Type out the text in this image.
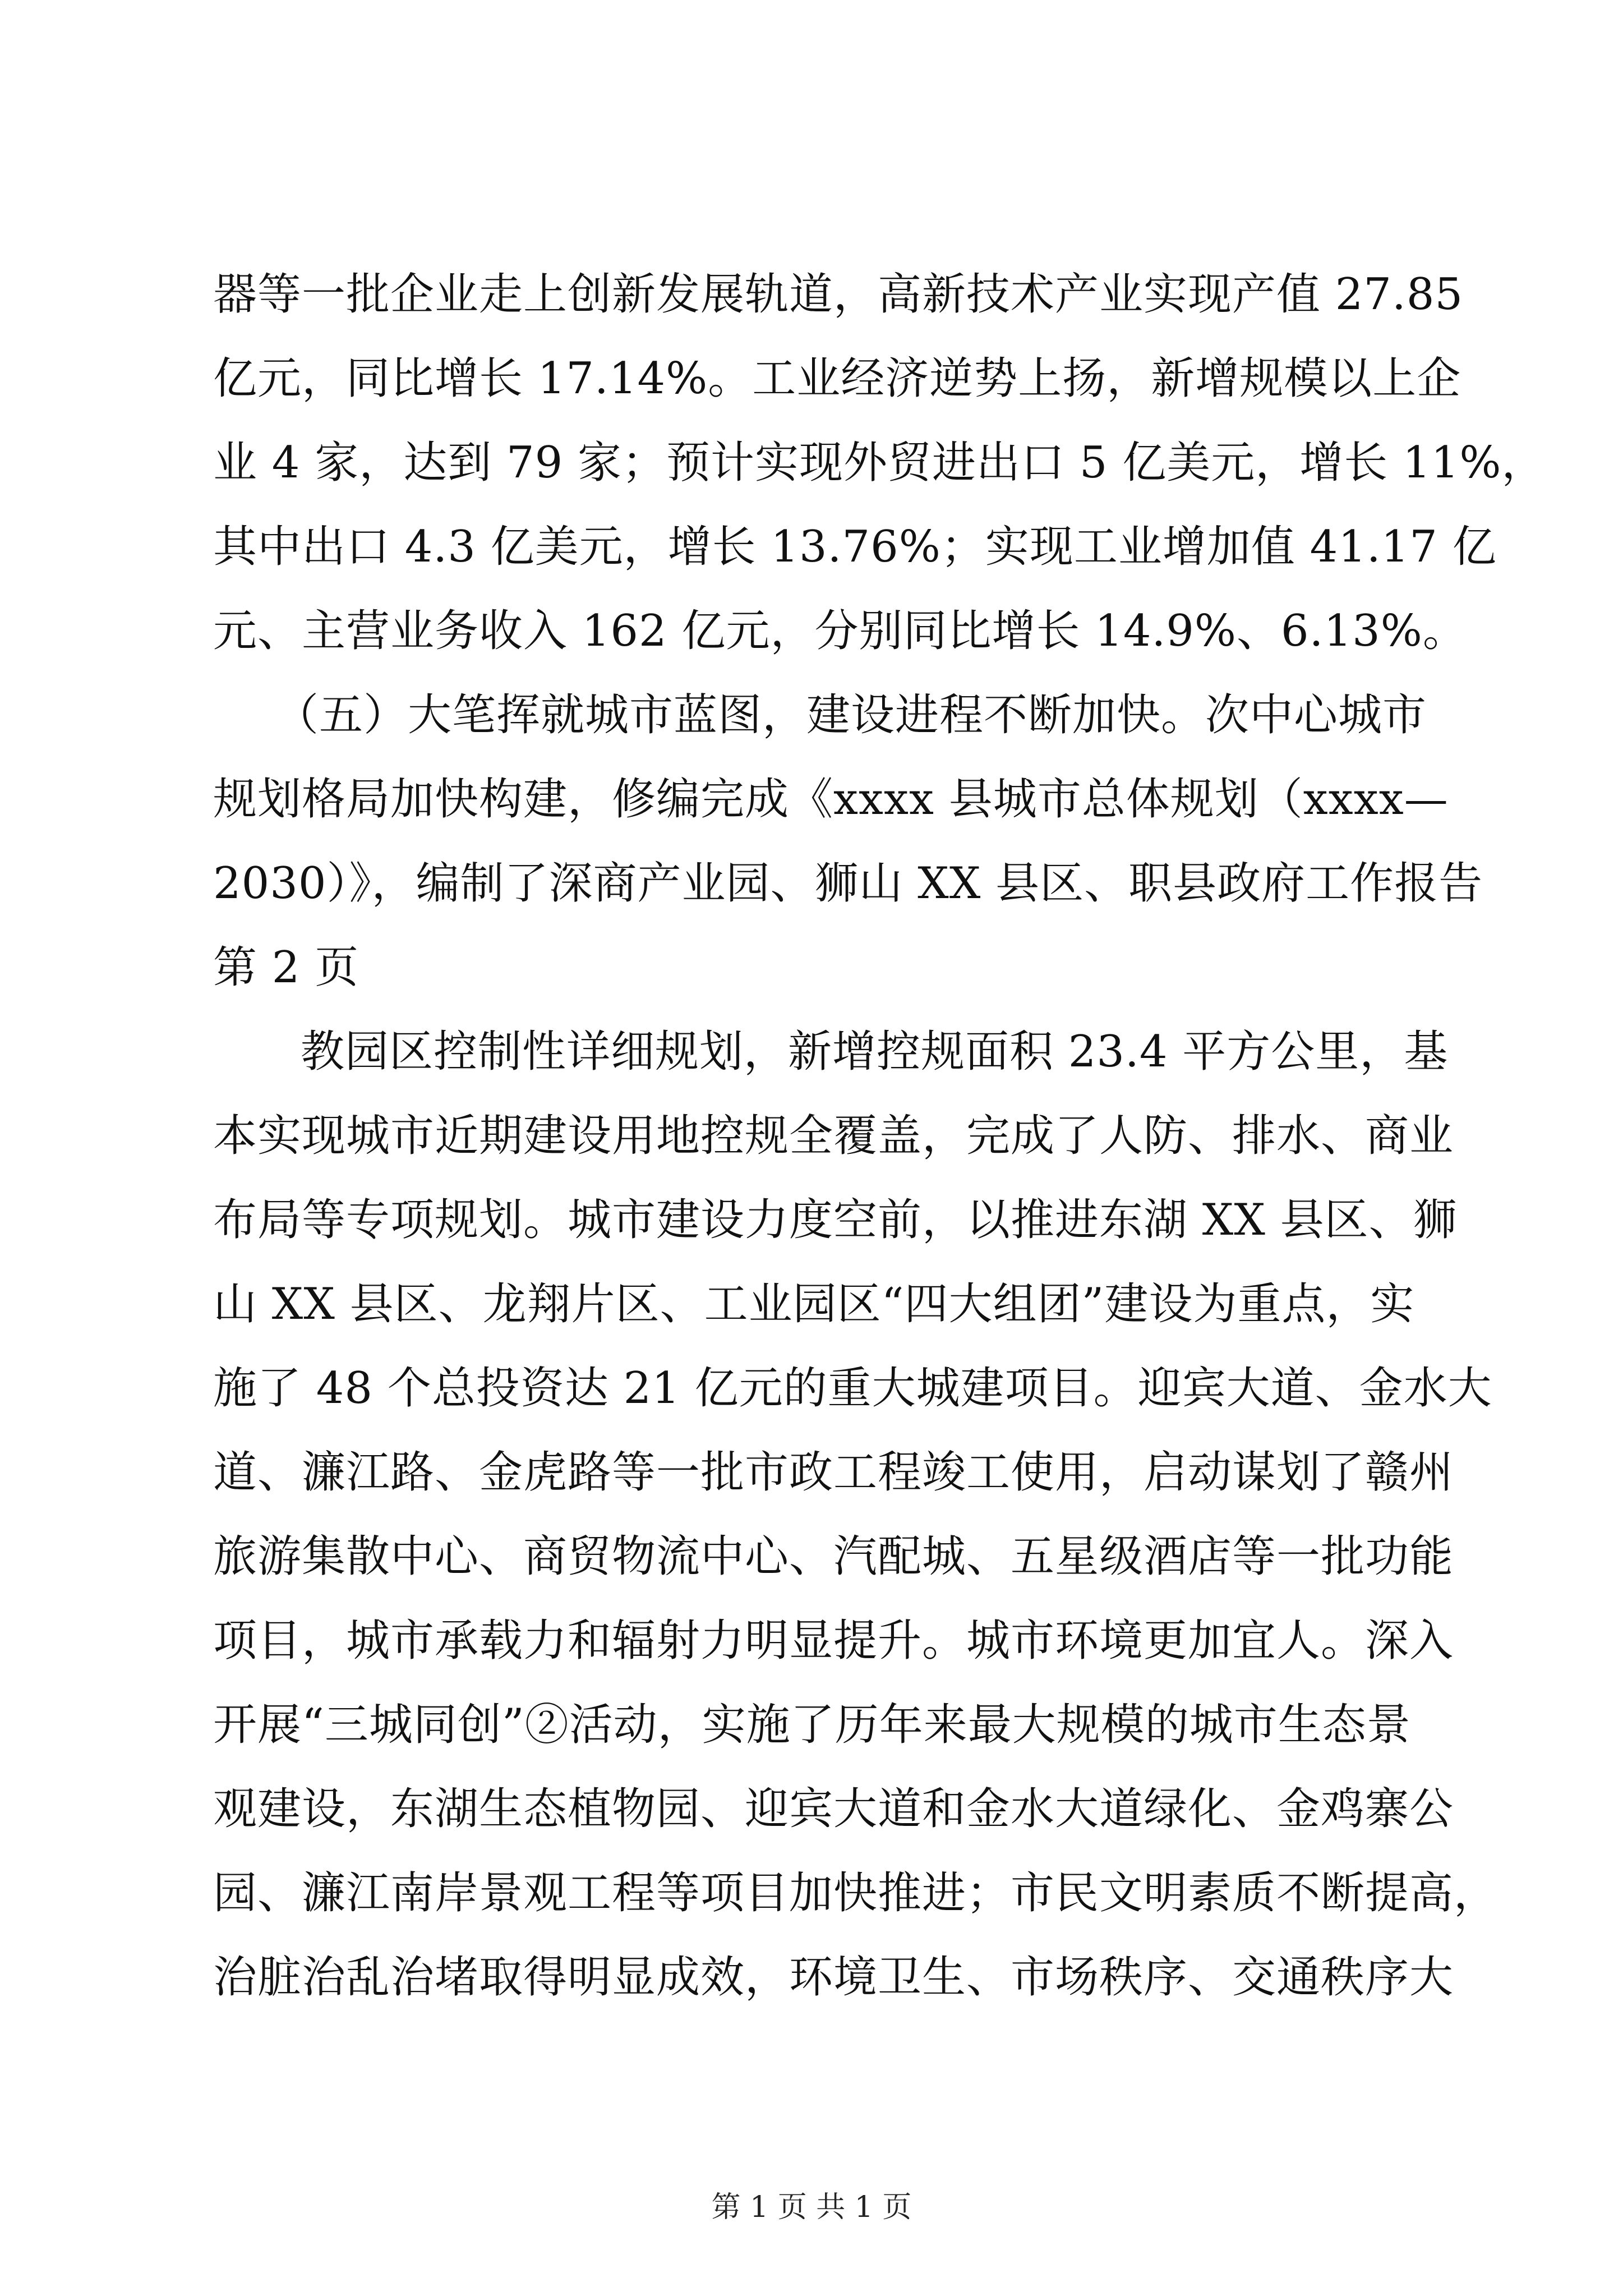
器等一批企业走上创新发展轨道，高新技术产业实现产值 27.85
亿元，同比增长 17.14%。工业经济逆势上扬，新增规模以上企
业 4 家，达到 79 家；预计实现外贸进出口 5 亿美元，增长 11%，
其中出口 4.3 亿美元，增长 13.76%；实现工业增加值 41.17 亿
元、主营业务收入 162 亿元，分别同比增长 14.9%、6.13%。
（五）大笔挥就城市蓝图，建设进程不断加快。次中心城市
规划格局加快构建，修编完成《xxxx 县城市总体规划（xxxx—
2030）》，编制了深商产业园、狮山 XX 县区、职县政府工作报告
第 2 页
教园区控制性详细规划，新增控规面积 23.4 平方公里，基
本实现城市近期建设用地控规全覆盖，完成了人防、排水、商业
布局等专项规划。城市建设力度空前，以推进东湖 XX 县区、狮
山 XX 县区、龙翔片区、工业园区“四大组团”建设为重点，实
施了 48 个总投资达 21 亿元的重大城建项目。迎宾大道、金水大
道、濂江路、金虎路等一批市政工程竣工使用，启动谋划了赣州
旅游集散中心、商贸物流中心、汽配城、五星级酒店等一批功能
项目，城市承载力和辐射力明显提升。城市环境更加宜人。深入
开展“三城同创”②活动，实施了历年来最大规模的城市生态景
观建设，东湖生态植物园、迎宾大道和金水大道绿化、金鸡寨公
园、濂江南岸景观工程等项目加快推进；市民文明素质不断提高，
治脏治乱治堵取得明显成效，环境卫生、市场秩序、交通秩序大
第 1 页 共 1 页
